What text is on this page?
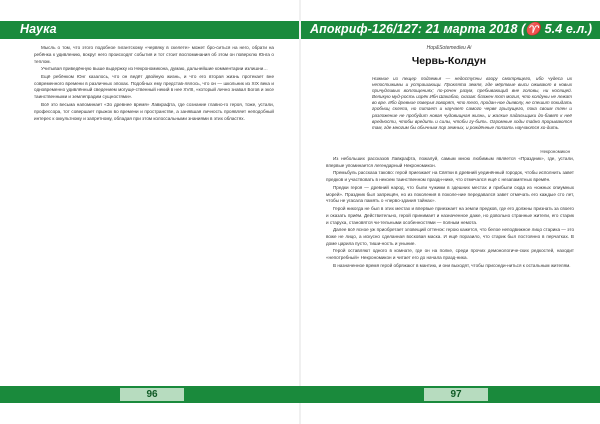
Наука	Апокриф-126/127: 21 марта 2018 (♈ 5.4 е.л.)

Мысль о том, что этого подобное гигантскому «червяку в скелете» может бро-ситься на него, обрати на ребёнка к удивлению, вокруг него происходят события и тот стоит воспоминания об этом он поверхлю Юнга о теплом.

Учитывая приведённую выше выдержку из Некрономикона, думаю, дальнейшие комментарии излишни…

Ещё ребёнком Юнг казалось, что он ведёт двойную жизнь, и что его вторая жизнь протекает вне современного времени в различных эпохах. Подобных ему представ-лялось, что он — школьник из XIX века и одновременно удивлённый сведением могуще-ственный некий в нее XVIII, «который лично знавал Богов и эксе таинственными и землепрадим сущностями».

Всё это весьма напоминает «Зо древнее время» Лавкрафта, где сознание главно-го героя, тоже, устали, профессора, тот совершает прыжок во времени и пространстве, а занявшая личность проявляет неподобный интерес к оккультному и запретному, обладая при этом колоссальными знаниями в этих областях.

Нор&Sotemedieu Ai
Червь-Колдун
Нижние из пещер подземья — недоступны взору смотрящего, ибо чудеса их непостижимы и устрашающи. Проклята земля, где мёртвые выси оживают в новых причудливых воплощениях; по-рочен разум, пребывающий вне головы, ни носящей. Великую муд-рость изрёк Ибн Шакабао, сказав: блажен тот могил, что колдуны не лежат во вре. Ибо древние поверья говорят, что тело, продан-ное дьяволу, не спешит покидать гробниц склепа, но питает и научает самого червя грызущего, пока своим тлен и разложение не пробудит новая чудовищная жизнь, и жалкие падальщики до-бавят к неё вредности, чтобы вредить и силы, чтобы гу-бить. Огромные ходы тайно прорываются там, где многим бы обычным пор земных, и рождённые ползать научаются хо-дить.
Некрономикон

Из небольших рассказов Лавкрафта, пожалуй, самым мною любимым является «Праздник», где, устали, впервые упоминается легендарный Некрономикон.

Премьбуль рассказа таково: герой приезжает на Святки в древний уединённый городок, чтобы исполнить завет предков и участвовать в некоем таинственном праздн-нике, что отмечался ещё с незапамятных времён.

Предки героя — древний народ, что были чужими в здешних местах и прибыли сюда из «южных опиумных морей». Праздник был запрещён, но из поколения в поколе-ние передавался завет отмечать его каждые сто лет, чтобы не угасала память о «перво-здания тайнах».

Герой никогда не был в этих местах и впервые приезжает на земли предков, где его должны признать за своего и оказать приём. Действительно, герой принимает и назначенное даже, но довольно странные жители, его старик и старуха, становятся чи-тельными особенностями — полным немота.

Далее всё ясное уж приобретает зловещий оттенок: герою кажется, что белое неподвижное лицо старика — это воже не лицо, а искусно сделанная восковая маска. И ещё поразило, что старик был постоянно в перчатках. В доме царила пусто, тиши-ность и уныние.

Герой оставляют одного в комнате, где он на полке, среди прочих демонологиче-ских редкостей, находит «непотребный» Некрономикон и читает его до начала празд-ника.

В назначенное время герой обряжают в мантию, и они выходят, чтобы присоеди-ниться к остальным жителям.

96	97
